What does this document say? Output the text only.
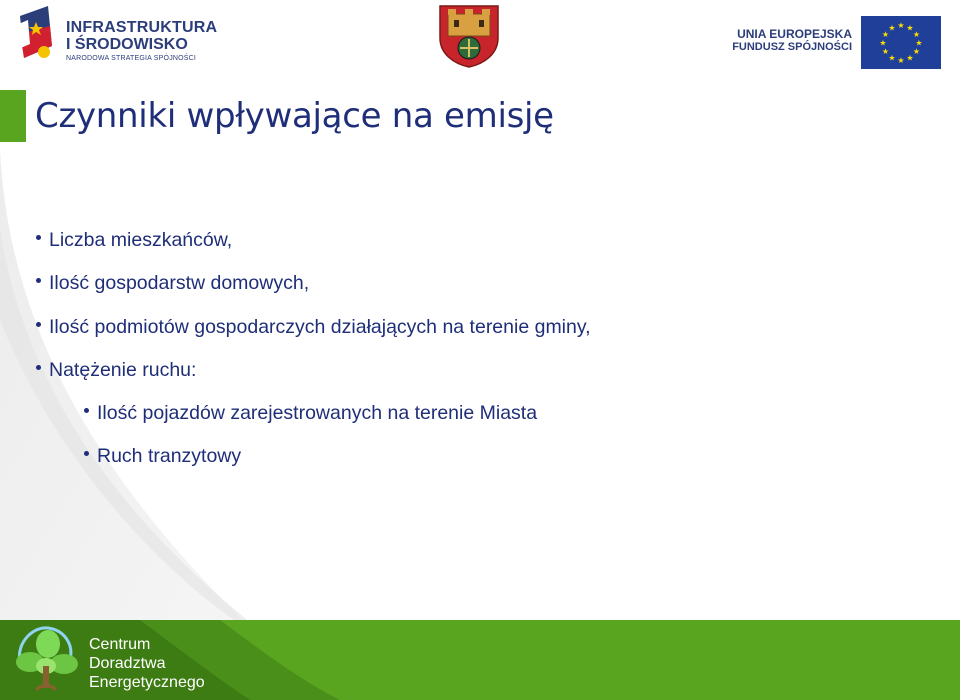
INFRASTRUKTURA
I ŚRODOWISKO
NARODOWA STRATEGIA SPÓJNOŚCI
UNIA EUROPEJSKA
FUNDUSZ SPÓJNOŚCI
★ ★
★
★
★
★
★
★
★
★
★
★
Czynniki wpływające na emisję
Liczba mieszkańców,
Ilość gospodarstw domowych,
Ilość podmiotów gospodarczych działających na terenie gminy,
Natężenie ruchu:
Ilość pojazdów zarejestrowanych na terenie Miasta
Ruch tranzytowy
Centrum
Doradztwa
Energetycznego
